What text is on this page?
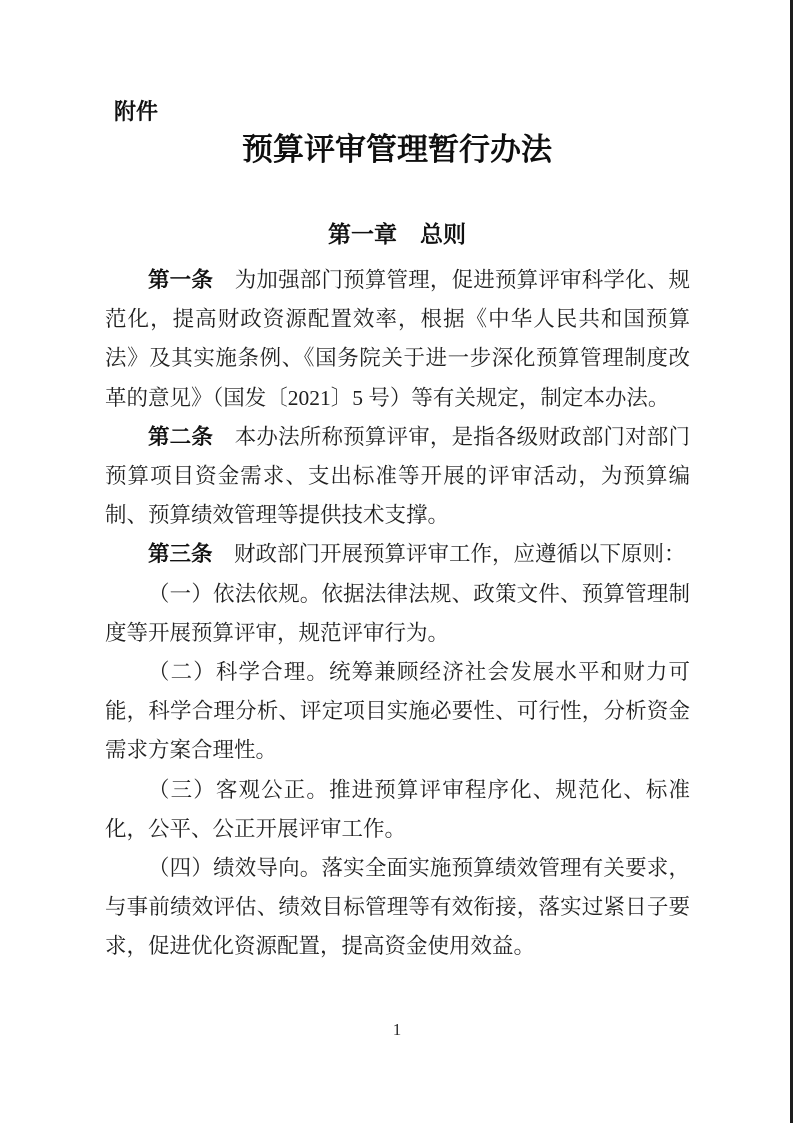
附件
预算评审管理暂行办法
第一章　总则

第一条　为加强部门预算管理，促进预算评审科学化、规范化，提高财政资源配置效率，根据《中华人民共和国预算法》及其实施条例、《国务院关于进一步深化预算管理制度改革的意见》（国发〔2021〕5 号）等有关规定，制定本办法。

第二条　本办法所称预算评审，是指各级财政部门对部门预算项目资金需求、支出标准等开展的评审活动，为预算编制、预算绩效管理等提供技术支撑。

第三条　财政部门开展预算评审工作，应遵循以下原则：

（一）依法依规。依据法律法规、政策文件、预算管理制度等开展预算评审，规范评审行为。

（二）科学合理。统筹兼顾经济社会发展水平和财力可能，科学合理分析、评定项目实施必要性、可行性，分析资金需求方案合理性。

（三）客观公正。推进预算评审程序化、规范化、标准化，公平、公正开展评审工作。

（四）绩效导向。落实全面实施预算绩效管理有关要求，与事前绩效评估、绩效目标管理等有效衔接，落实过紧日子要求，促进优化资源配置，提高资金使用效益。

1
